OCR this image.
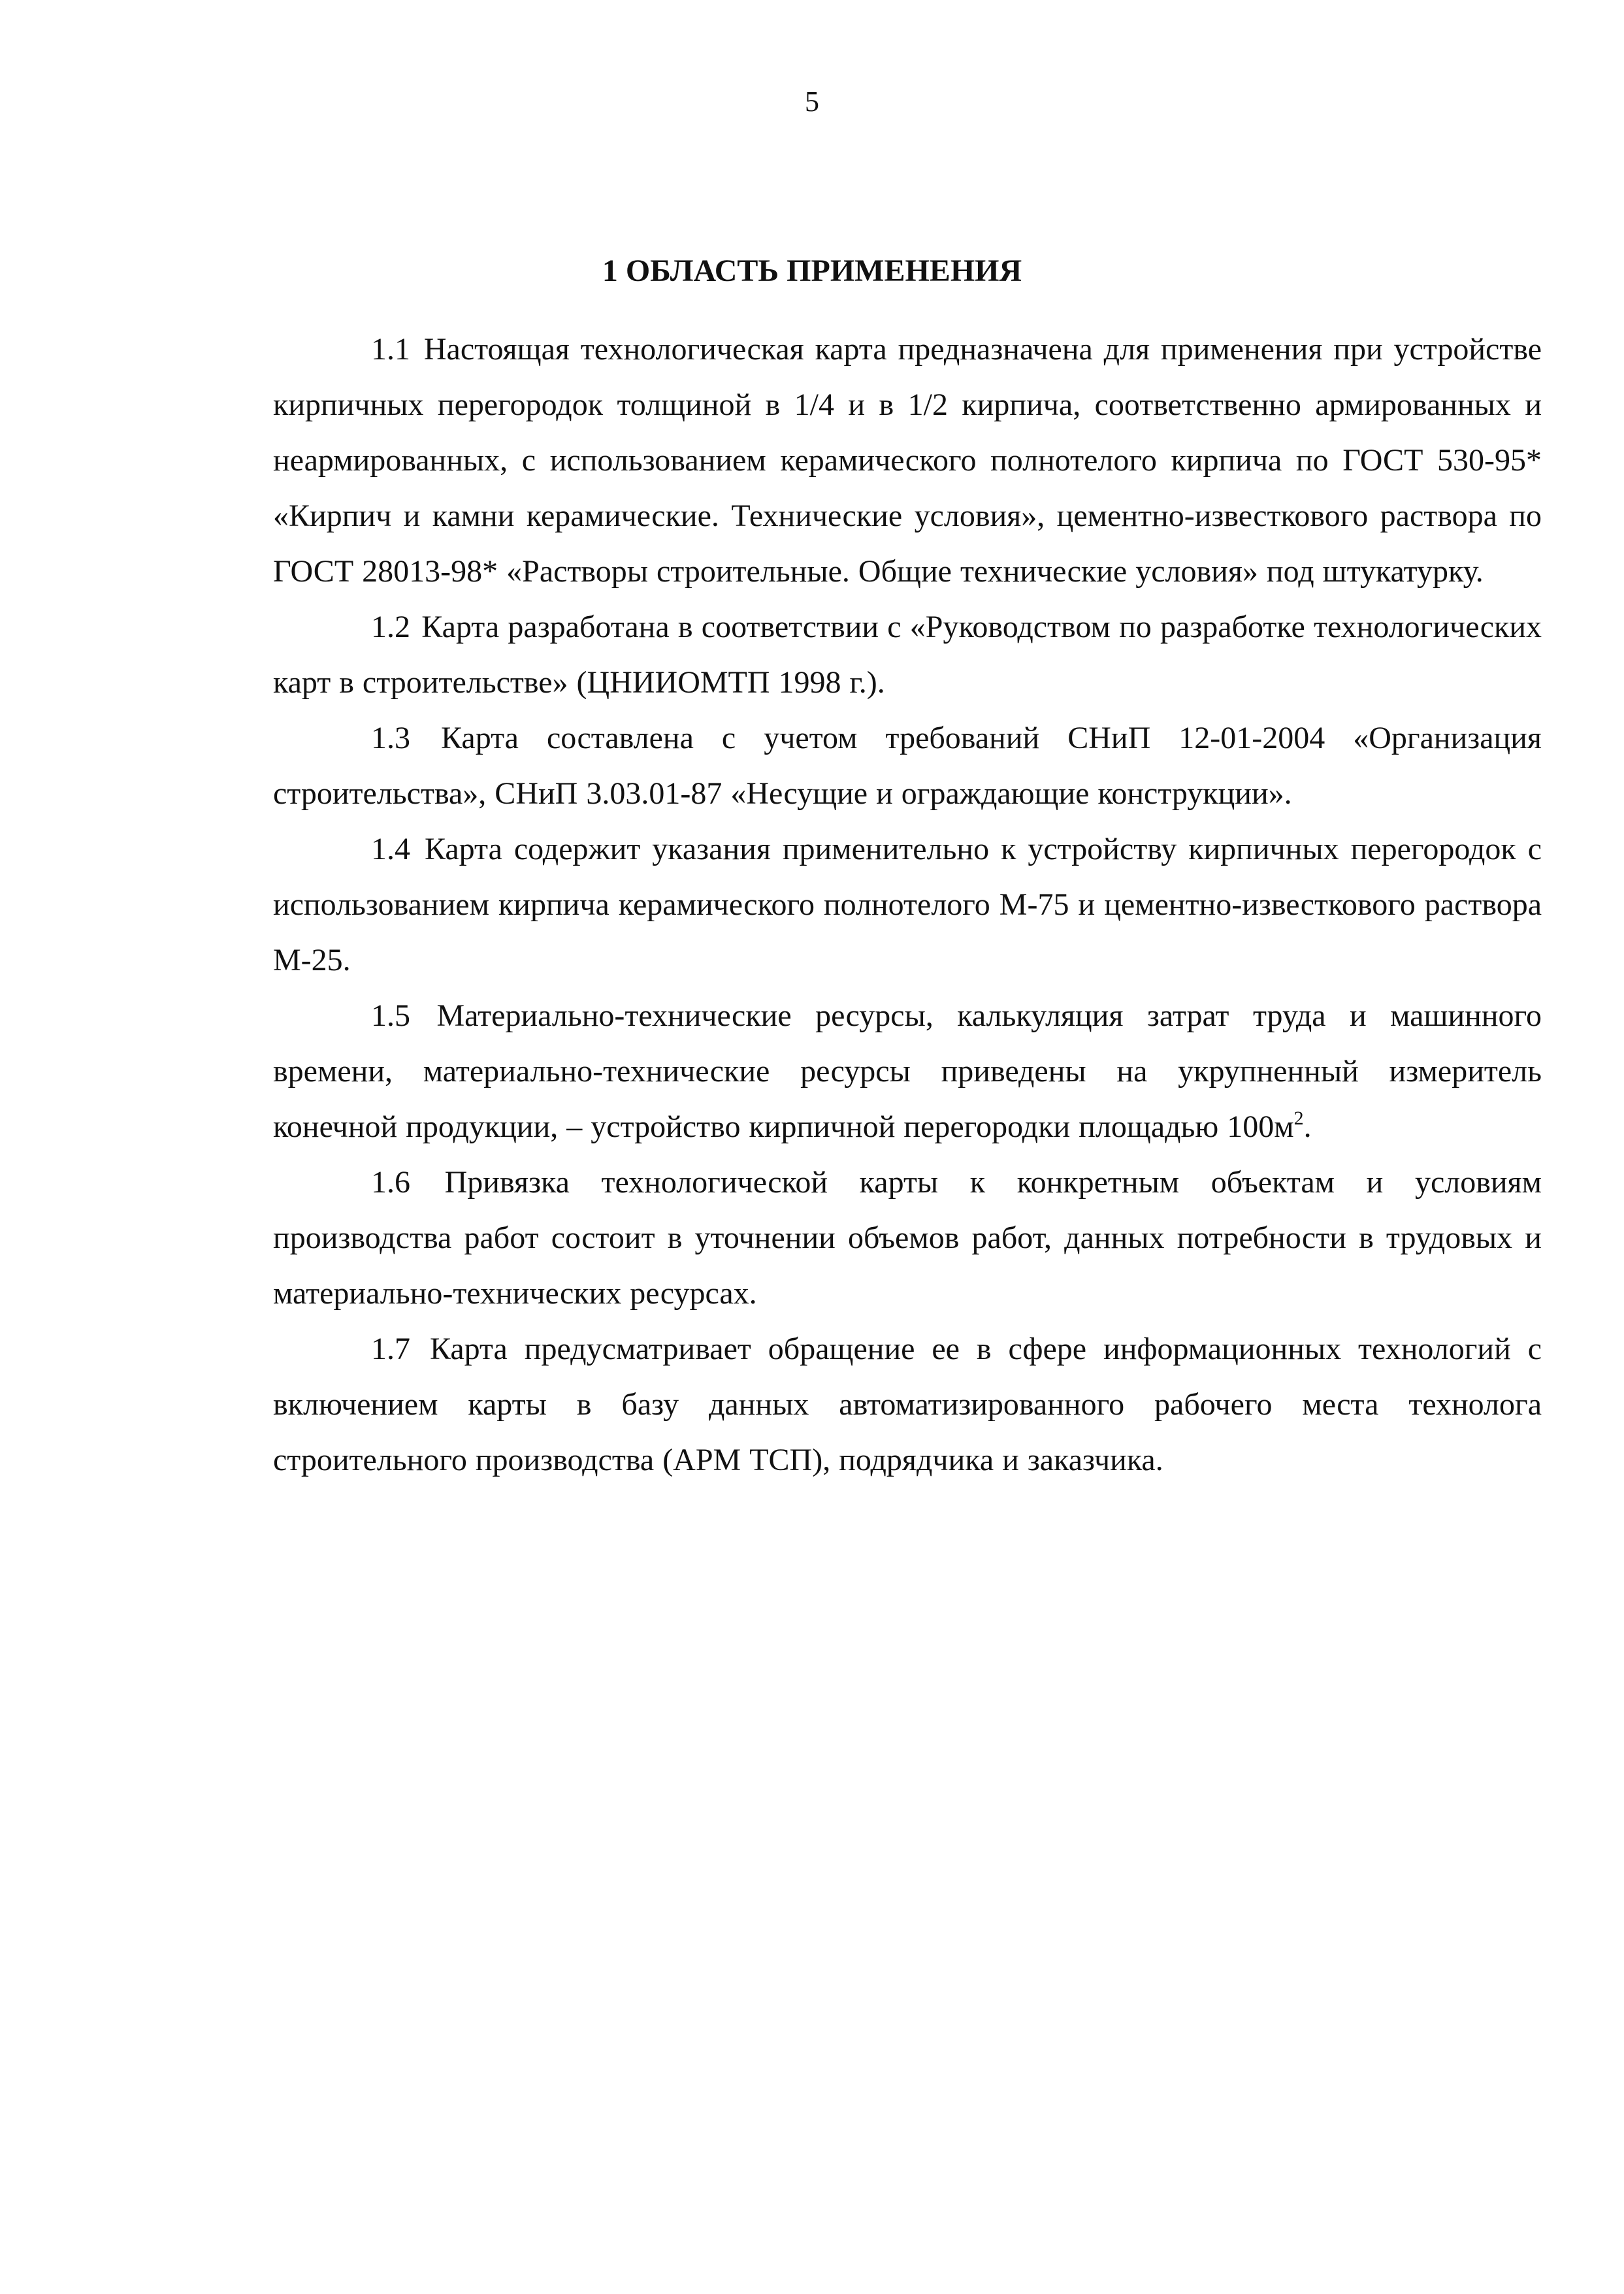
5
1 ОБЛАСТЬ ПРИМЕНЕНИЯ

1.1 Настоящая технологическая карта предназначена для применения при устройстве кирпичных перегородок толщиной в 1/4 и в 1/2 кирпича, соответственно армированных и неармированных, с использованием керамического полнотелого кирпича по ГОСТ 530-95* «Кирпич и камни керамические. Технические условия», цементно-известкового раствора по ГОСТ 28013-98* «Растворы строительные. Общие технические условия» под штукатурку.

1.2 Карта разработана в соответствии с «Руководством по разработке технологических карт в строительстве» (ЦНИИОМТП 1998 г.).

1.3 Карта составлена с учетом требований СНиП 12-01-2004 «Организация строительства», СНиП 3.03.01-87 «Несущие и ограждающие конструкции».

1.4 Карта содержит указания применительно к устройству кирпичных перегородок с использованием кирпича керамического полнотелого М-75 и цементно-известкового раствора М-25.

1.5 Материально-технические ресурсы, калькуляция затрат труда и машинного времени, материально-технические ресурсы приведены на укрупненный измеритель конечной продукции, – устройство кирпичной перегородки площадью $100м^2$.

1.6 Привязка технологической карты к конкретным объектам и условиям производства работ состоит в уточнении объемов работ, данных потребности в трудовых и материально-технических ресурсах.

1.7 Карта предусматривает обращение ее в сфере информационных технологий с включением карты в базу данных автоматизированного рабочего места технолога строительного производства (АРМ ТСП), подрядчика и заказчика.
